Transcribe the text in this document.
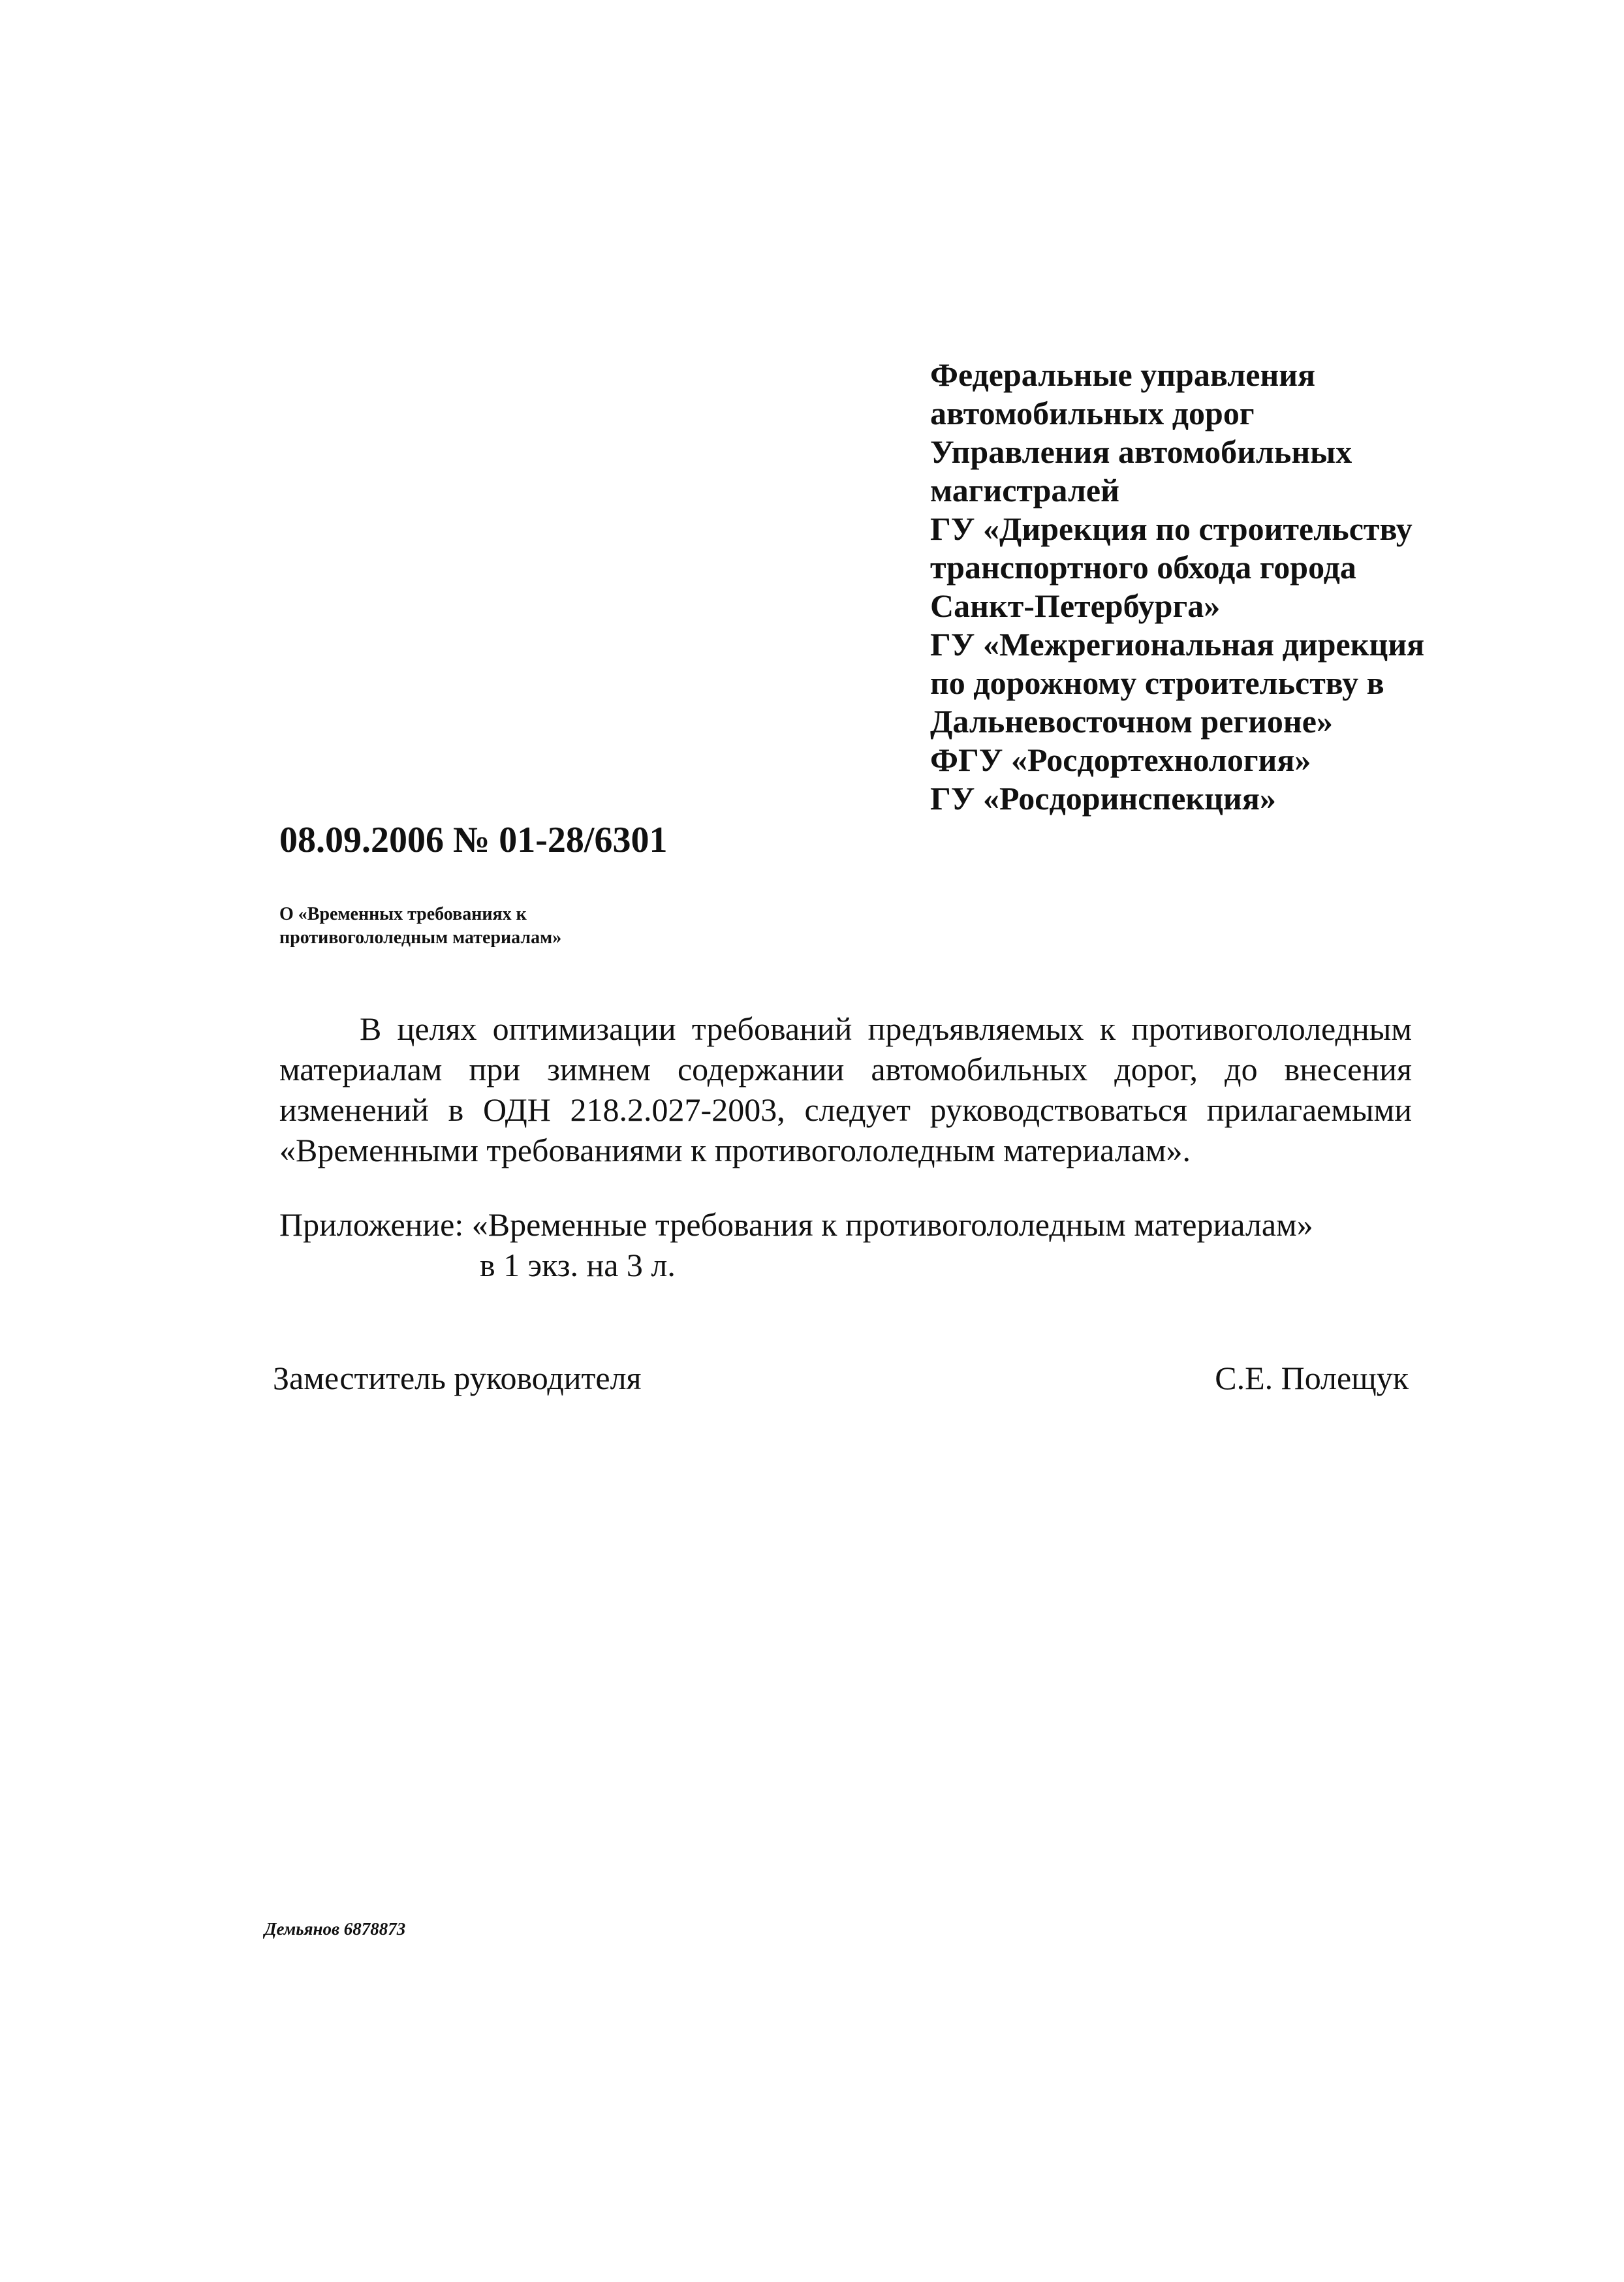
Федеральные управления
автомобильных дорог
Управления автомобильных
магистралей
ГУ «Дирекция по строительству
транспортного обхода города
Санкт-Петербурга»
ГУ «Межрегиональная дирекция
по дорожному строительству в
Дальневосточном регионе»
ФГУ «Росдортехнология»
ГУ «Росдоринспекция»
08.09.2006 № 01-28/6301
О «Временных требованиях к
противогололедным материалам»
В целях оптимизации требований предъявляемых к противогололедным
материалам при зимнем содержании автомобильных дорог, до внесения
изменений в ОДН 218.2.027-2003, следует руководствоваться прилагаемыми
«Временными требованиями к противогололедным материалам».
Приложение: «Временные требования к противогололедным материалам»
в 1 экз. на 3 л.
Заместитель руководителя	С.Е. Полещук
Демьянов 6878873
